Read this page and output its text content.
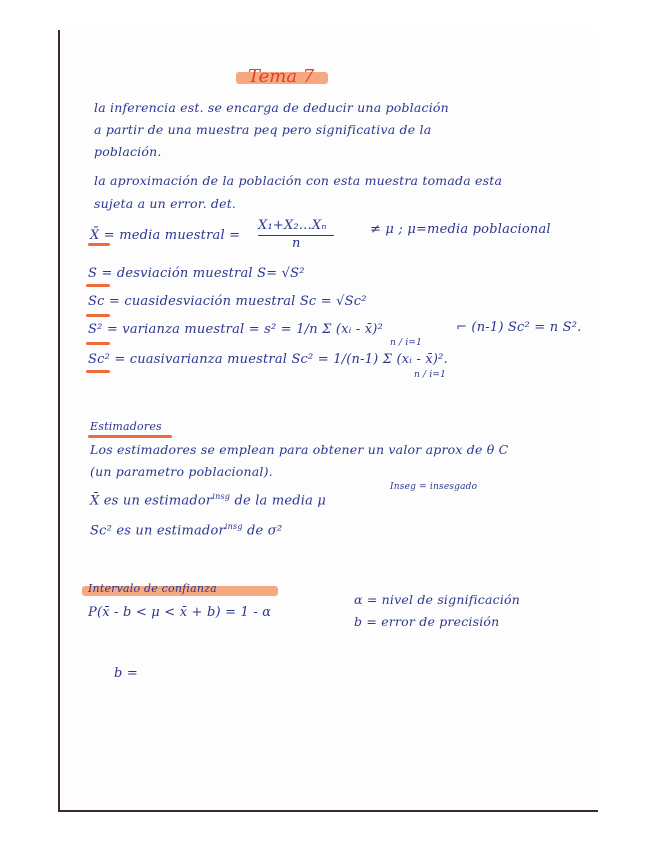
Tema 7
la inferencia est. se encarga de deducir una población
a partir de una muestra peq pero significativa de la
población.
la aproximación de la población con esta muestra tomada esta
sujeta a un error. det.
X̄ = media muestral =
X₁+X₂...Xₙ
n
≠ μ ; μ=media poblacional
S = desviación muestral S= √S²
Sc = cuasidesviación muestral Sc = √Sc²
S² = varianza muestral = s² = 1/n Σ (xᵢ - x̄)²
n / i=1
⌐ (n-1) Sc² = n S².
Sc² = cuasivarianza muestral Sc² = 1/(n-1) Σ (xᵢ - x̄)².
n / i=1
Estimadores
Los estimadores se emplean para obtener un valor aprox de θ C
(un parametro poblacional).
X̄ es un estimador$^{insg}$ de la media μ
Inseg = insesgado
Sc² es un estimador$^{insg}$ de σ²
Intervalo de confianza
P(x̄ - b < μ < x̄ + b) = 1 - α
α = nivel de significación
b = error de precisión
b =
